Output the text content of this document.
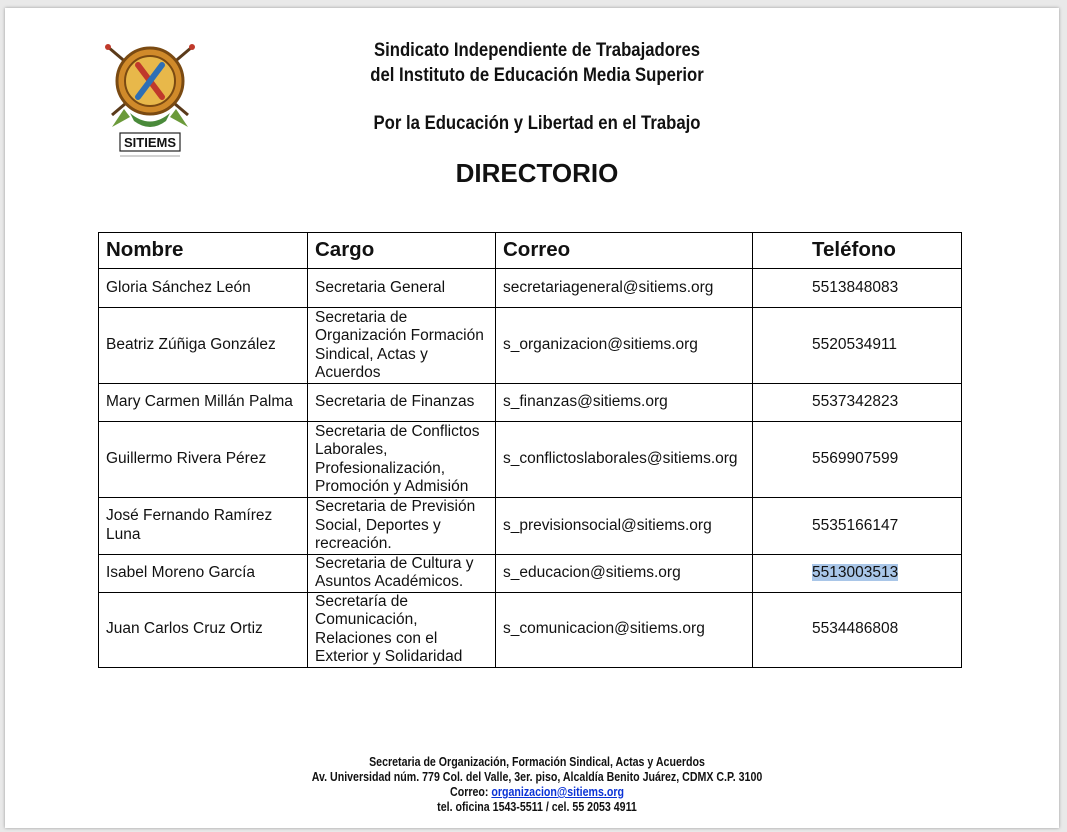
SITIEMS
Sindicato Independiente de Trabajadores
del Instituto de Educación Media Superior
Por la Educación y Libertad en el Trabajo
DIRECTORIO
Nombre	Cargo	Correo	Teléfono
Gloria Sánchez León	Secretaria General	secretariageneral@sitiems.org	5513848083
Beatriz Zúñiga González	Secretaria de Organización Formación Sindical, Actas y Acuerdos	s_organizacion@sitiems.org	5520534911
Mary Carmen Millán Palma	Secretaria de Finanzas	s_finanzas@sitiems.org	5537342823
Guillermo Rivera Pérez	Secretaria de Conflictos Laborales, Profesionalización, Promoción y Admisión	s_conflictoslaborales@sitiems.org	5569907599
José Fernando Ramírez Luna	Secretaria de Previsión Social, Deportes y recreación.	s_previsionsocial@sitiems.org	5535166147
Isabel Moreno García	Secretaria de Cultura y Asuntos Académicos.	s_educacion@sitiems.org	5513003513
Juan Carlos Cruz Ortiz	Secretaría de Comunicación, Relaciones con el Exterior y Solidaridad	s_comunicacion@sitiems.org	5534486808
Secretaria de Organización, Formación Sindical, Actas y Acuerdos
Av. Universidad núm. 779 Col. del Valle, 3er. piso, Alcaldía Benito Juárez, CDMX C.P. 3100
Correo: organizacion@sitiems.org
tel. oficina 1543-5511 / cel. 55 2053 4911
